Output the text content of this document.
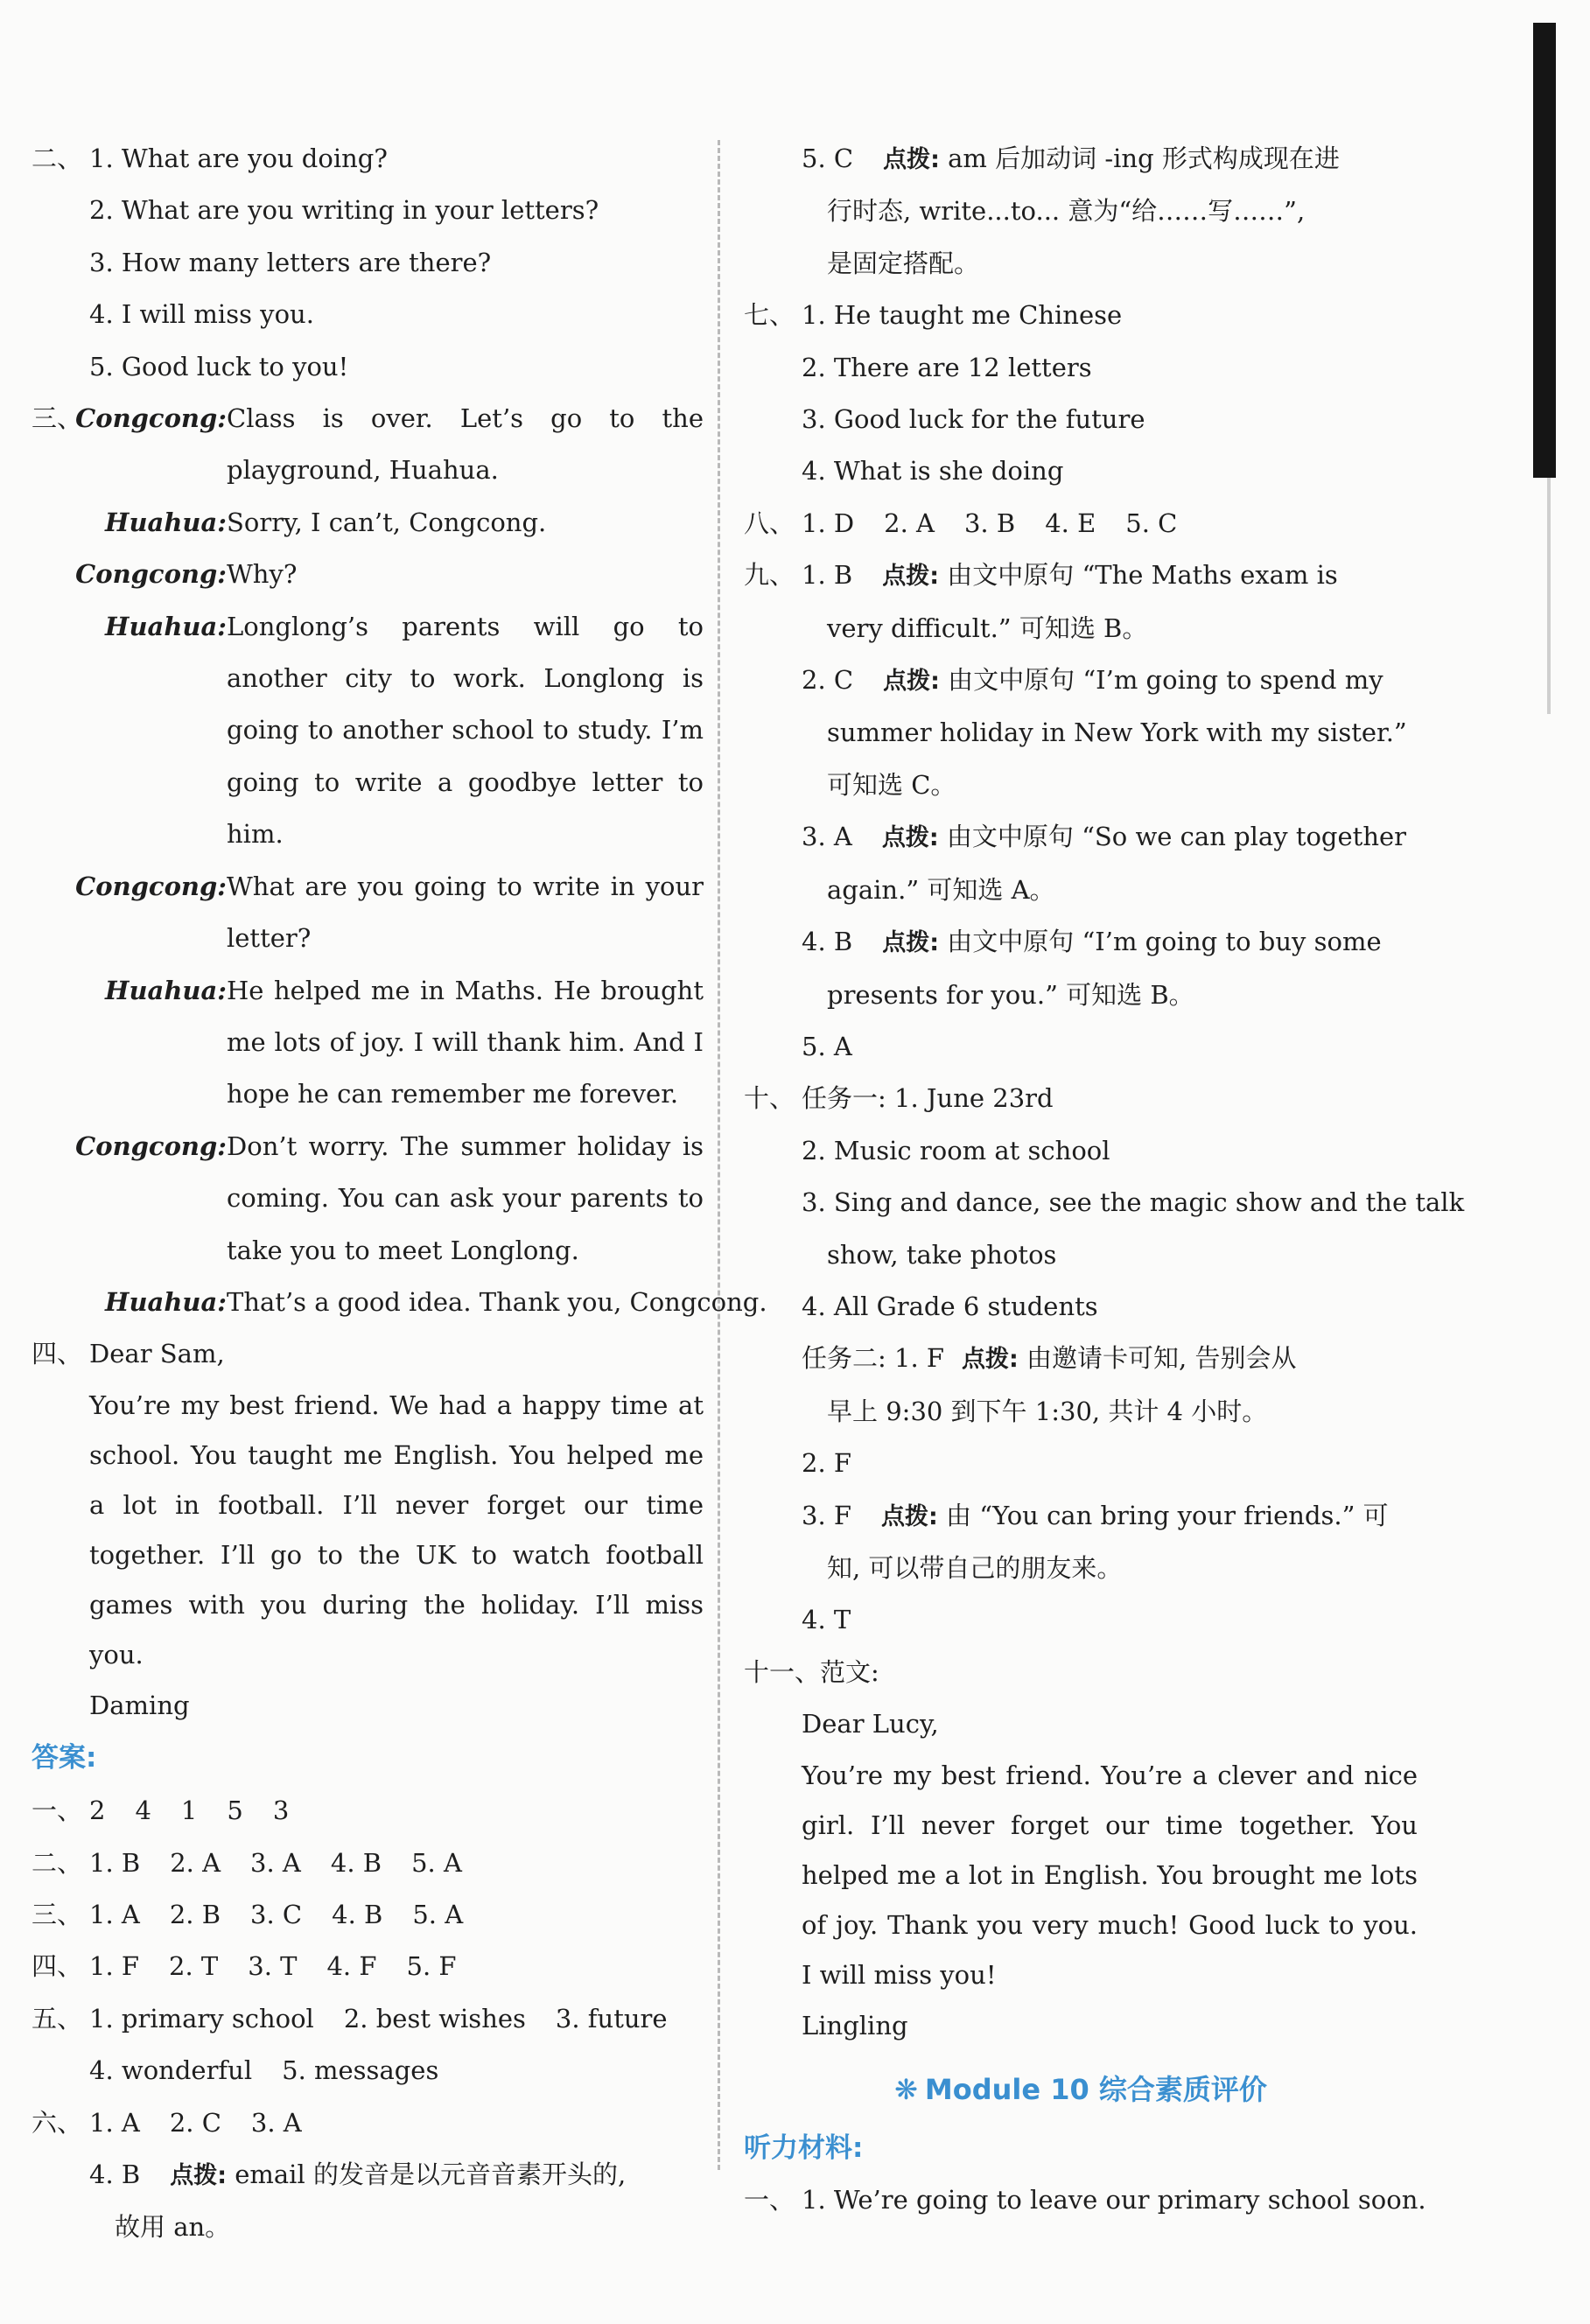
二、 1. What are you doing?

2. What are you writing in your letters?

3. How many letters are there?

4. I will miss you.

5. Good luck to you!

三、
Congcong: Class is over. Let’s go to the playground, Huahua.
Huahua: Sorry, I can’t, Congcong.
Congcong: Why?
Huahua: Longlong’s parents will go to another city to work. Longlong is going to another school to study. I’m going to write a goodbye letter to him.
Congcong: What are you going to write in your letter?
Huahua: He helped me in Maths. He brought me lots of joy. I will thank him. And I hope he can remember me forever.
Congcong: Don’t worry. The summer holiday is coming. You can ask your parents to take you to meet Longlong.
Huahua: That’s a good idea. Thank you, Congcong.

四、 Dear Sam,

You’re my best friend. We had a happy time at school. You taught me English. You helped me a lot in football. I’ll never forget our time together. I’ll go to the UK to watch football games with you during the holiday. I’ll miss you.

Daming

答案:

一、 2 4 1 5 3

二、 1. B 2. A 3. A 4. B 5. A

三、 1. A 2. B 3. C 4. B 5. A

四、 1. F 2. T 3. T 4. F 5. F

五、 1. primary school 2. best wishes 3. future

4. wonderful 5. messages

六、 1. A 2. C 3. A

4. B 点拨: email 的发音是以元音音素开头的,

故用 an。

5. C 点拨: am 后加动词 -ing 形式构成现在进

行时态, write...to... 意为“给……写……”,

是固定搭配。

七、 1. He taught me Chinese

2. There are 12 letters

3. Good luck for the future

4. What is she doing

八、 1. D 2. A 3. B 4. E 5. C

九、 1. B 点拨: 由文中原句 “The Maths exam is

very difficult.” 可知选 B。

2. C 点拨: 由文中原句 “I’m going to spend my

summer holiday in New York with my sister.”

可知选 C。

3. A 点拨: 由文中原句 “So we can play together

again.” 可知选 A。

4. B 点拨: 由文中原句 “I’m going to buy some

presents for you.” 可知选 B。

5. A

十、 任务一: 1. June 23rd

2. Music room at school

3. Sing and dance, see the magic show and the talk

show, take photos

4. All Grade 6 students

任务二: 1. F 点拨: 由邀请卡可知, 告别会从

早上 9:30 到下午 1:30, 共计 4 小时。

2. F

3. F 点拨: 由 “You can bring your friends.” 可

知, 可以带自己的朋友来。

4. T

十一、范文:

Dear Lucy,

You’re my best friend. You’re a clever and nice girl. I’ll never forget our time together. You helped me a lot in English. You brought me lots of joy. Thank you very much! Good luck to you. I will miss you!

Lingling

❋ Module 10 综合素质评价
听力材料:

一、 1. We’re going to leave our primary school soon.
